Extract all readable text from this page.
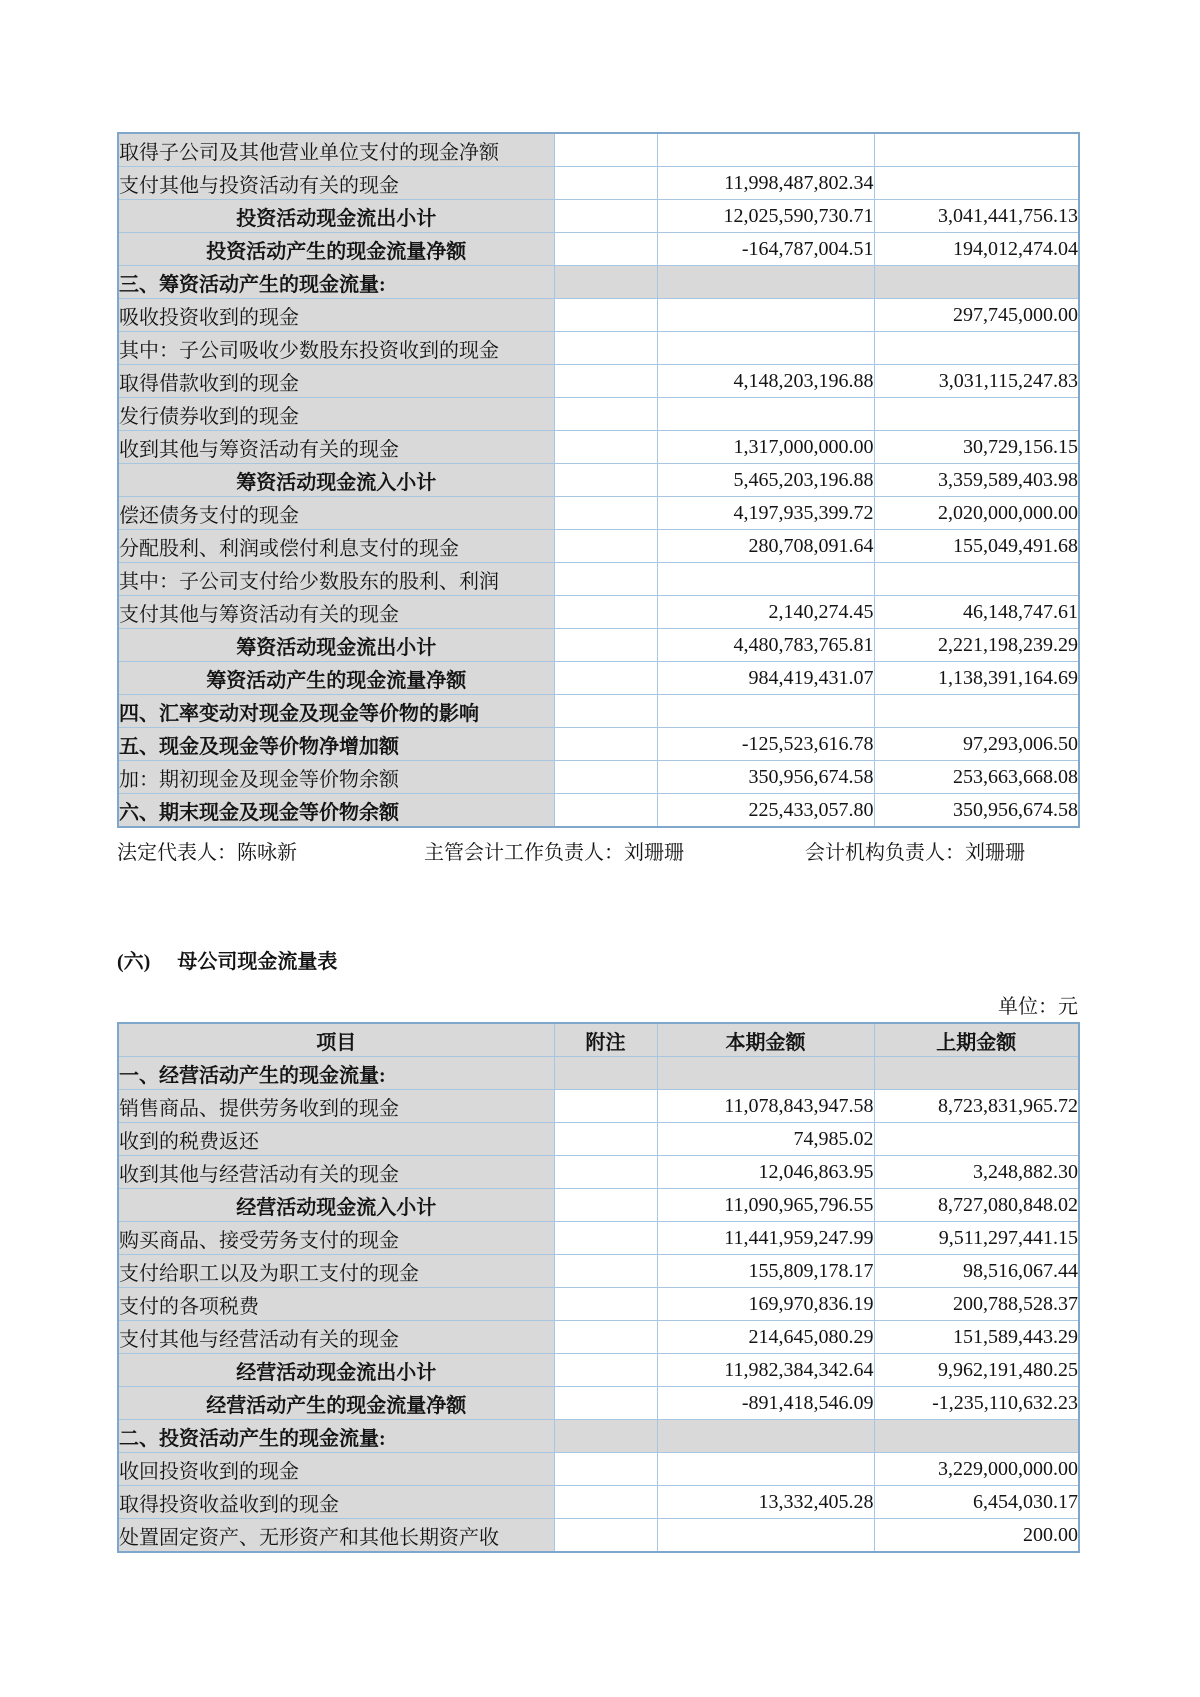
取得子公司及其他营业单位支付的现金净额			
支付其他与投资活动有关的现金		11,998,487,802.34	
投资活动现金流出小计		12,025,590,730.71	3,041,441,756.13
投资活动产生的现金流量净额		-164,787,004.51	194,012,474.04
三、筹资活动产生的现金流量:			
吸收投资收到的现金			297,745,000.00
其中：子公司吸收少数股东投资收到的现金			
取得借款收到的现金		4,148,203,196.88	3,031,115,247.83
发行债券收到的现金			
收到其他与筹资活动有关的现金		1,317,000,000.00	30,729,156.15
筹资活动现金流入小计		5,465,203,196.88	3,359,589,403.98
偿还债务支付的现金		4,197,935,399.72	2,020,000,000.00
分配股利、利润或偿付利息支付的现金		280,708,091.64	155,049,491.68
其中：子公司支付给少数股东的股利、利润			
支付其他与筹资活动有关的现金		2,140,274.45	46,148,747.61
筹资活动现金流出小计		4,480,783,765.81	2,221,198,239.29
筹资活动产生的现金流量净额		984,419,431.07	1,138,391,164.69
四、汇率变动对现金及现金等价物的影响			
五、现金及现金等价物净增加额		-125,523,616.78	97,293,006.50
加：期初现金及现金等价物余额		350,956,674.58	253,663,668.08
六、期末现金及现金等价物余额		225,433,057.80	350,956,674.58
法定代表人：陈咏新	主管会计工作负责人：刘珊珊	会计机构负责人：刘珊珊
(六) 母公司现金流量表
单位：元
项目	附注	本期金额	上期金额
一、经营活动产生的现金流量:			
销售商品、提供劳务收到的现金		11,078,843,947.58	8,723,831,965.72
收到的税费返还		74,985.02	
收到其他与经营活动有关的现金		12,046,863.95	3,248,882.30
经营活动现金流入小计		11,090,965,796.55	8,727,080,848.02
购买商品、接受劳务支付的现金		11,441,959,247.99	9,511,297,441.15
支付给职工以及为职工支付的现金		155,809,178.17	98,516,067.44
支付的各项税费		169,970,836.19	200,788,528.37
支付其他与经营活动有关的现金		214,645,080.29	151,589,443.29
经营活动现金流出小计		11,982,384,342.64	9,962,191,480.25
经营活动产生的现金流量净额		-891,418,546.09	-1,235,110,632.23
二、投资活动产生的现金流量:			
收回投资收到的现金			3,229,000,000.00
取得投资收益收到的现金		13,332,405.28	6,454,030.17
处置固定资产、无形资产和其他长期资产收			200.00
